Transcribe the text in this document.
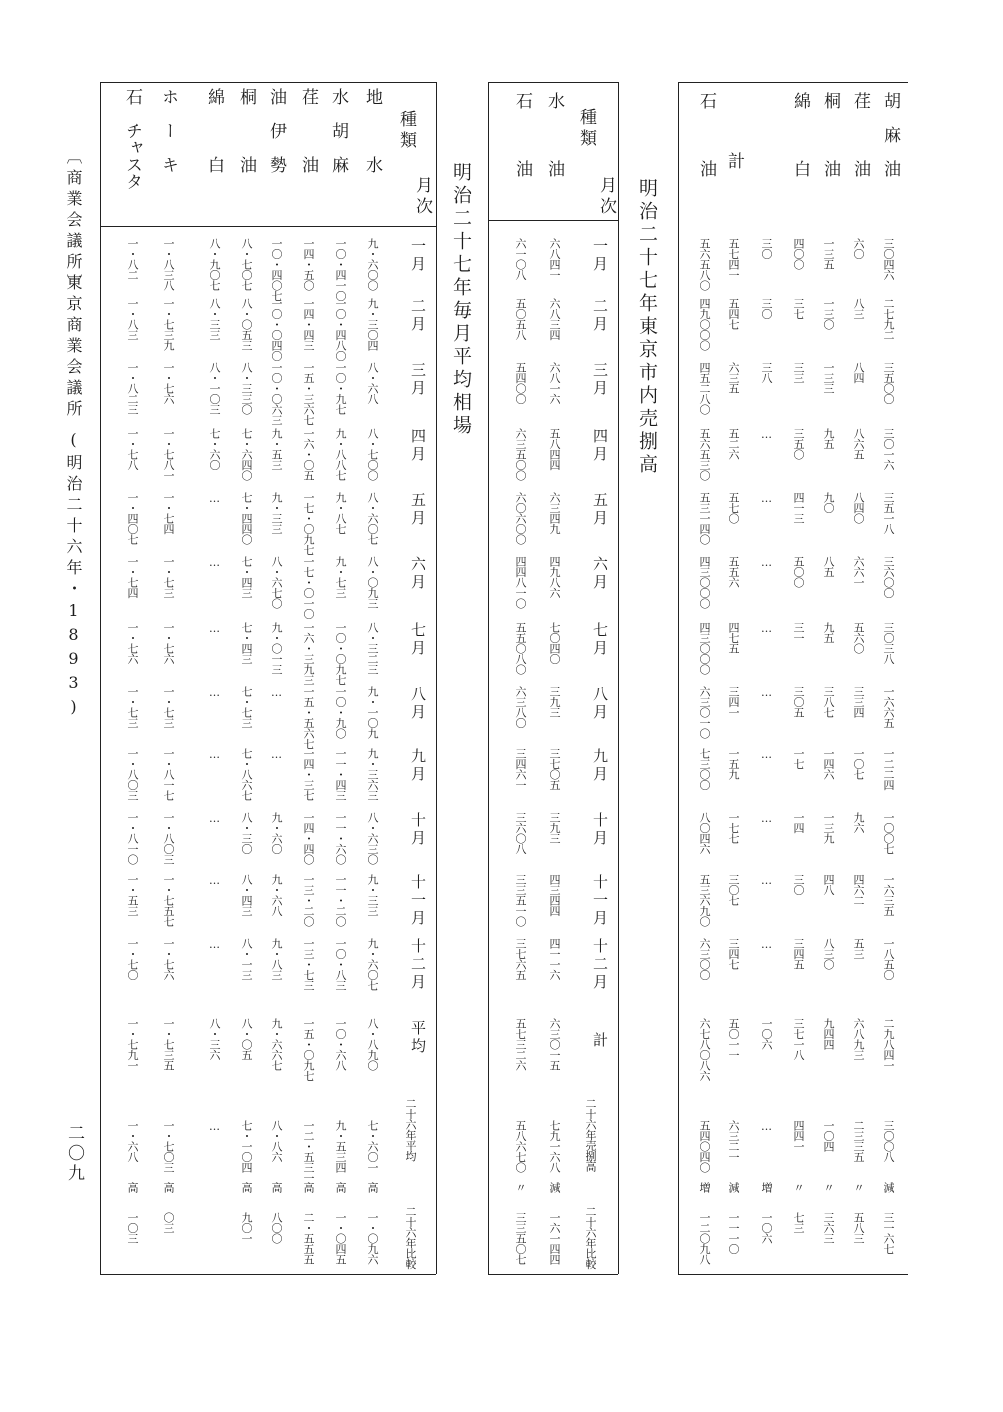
胡　麻　油
荏　　　油
桐　　　油
綿　　　白
計
石　　　油
三〇四六
二七九二
三五〇〇
三〇一六
三五一八
三六〇〇
三〇三八
一六六五
一二二四
一〇〇七
一六三五
一八五〇
二九八四一
三〇〇八
減
三一六七
六〇
八三
八四
八六五
八四〇
六六一
五六〇
三三四
一〇七
九六
四六二
五三
六八九三
二三三五
〃
五八三
一三五
一三〇
一三三
九五
九〇
八五
九五
三八七
一四六
一三九
四八
八三〇
九四四
一〇四
〃
三六三
四〇〇
三七
三三
三五〇
四一三
五〇〇
三一
三〇五
一七
一四
三〇
三四五
三七一八
四四一
〃
七三
三〇
三〇
三八
…
…
…
…
…
…
…
…
…
一〇六
…
増
一〇六
五七四一
五四七
六三五
五二六
五七〇
五五六
四七五
三四一
一五九
一七七
三〇七
三四七
五〇一一
六三二一
減
一一一〇
五六五八〇
四九〇〇〇
四五二八〇
五六五三〇
五三一四〇
四三〇〇〇
四三〇〇〇
六三〇一〇
七三〇〇
八〇四六
五三六九〇
六三〇〇
六七八〇八六
五四〇四〇
増
一二〇九八
明治二十七年東京市内売捌高
種類
月次
水　　　油
石　　　油
一月
二月
三月
四月
五月
六月
七月
八月
九月
十月
十一月
十二月
計
二十六年売捌高
二十六年比較
六八四一
六八三四
六八一六
五八四四
六三四九
四九八六
七〇四〇
三九三
三七〇五
三九三
四三四四
四一一六
六三〇一五
七九一六八
減
一六一四四
六一〇八
五〇五八
五四〇〇
六三五〇〇
六〇六〇〇
四四八一〇
五五〇八〇
六三八〇
三四六一
三六〇八
三三五一〇
三七六五
五七三二六
五八六七〇
〃
三三五〇七
明治二十七年毎月平均相場
種類
月次
地　　　水
水　胡　麻
荏　　　油
油　伊　勢
桐　　　油
綿　　　白
ホ　ー　キ
石　チャスタ
一月
二月
三月
四月
五月
六月
七月
八月
九月
十月
十一月
十二月
平均
二十六年平均
二十六年比較
九・六〇〇
九・三〇四
八・六八
八・七〇〇
八・六〇七
八・〇九三
八・三二三
九・一〇九
九・三六三
八・六三〇
九・三三
九・六〇七
八・八九〇
七・六〇一
高
一・〇九六
一〇・四一〇
一〇・四八〇
一〇・九七
九・八八七
九・八七
九・七三
一〇・〇九七
一〇・九〇
一一・四三
一一・六〇
一一・二〇
一〇・八三
一〇・六八
九・五三四
高
一・〇四五
一四・五〇
一四・四三
一五・三六七
一六・〇五
一七・〇九七
一七・〇一〇
一六・三九三
一五・五六七
一四・三七
一四・四〇
一三・二〇
一三・七三
一五・〇九七
一二・五三一
高
二・五五五
一〇・四〇七
一〇・〇四〇
一〇・〇六三
九・五三
九・三三
八・六七〇
九・〇一三
…
…
九・六〇
九・六八
九・八三
九・六六七
八・八六
高
八〇〇
八・七〇七
八・〇五三
八・三三〇
七・六四〇
七・四四〇
七・四三
七・四三
七・七三
七・八六七
八・三〇
八・四三
八・一三
八・〇五
七・一〇四
高
九〇一
八・九〇七
八・三三
八・一〇三
七・六〇
…
…
…
…
…
…
…
…
八・三六
…
一・八三八
一・七三九
一・七六
一・七八一
一・七四
一・七三
一・七六
一・七三
一・八一七
一・八〇三
一・七五七
一・七六
一・七三五
一・七〇三
高
〇三
一・八二
一・八三
一・八二三
一・七八
一・四〇七
一・七四
一・七六
一・七三
一・八〇三
一・八一〇
一・五三
一・七〇
一・七九一
一・六八
高
一〇三
〔商業会議所〕
東京商業会議所
(明治二十六年・1893)
二〇九
